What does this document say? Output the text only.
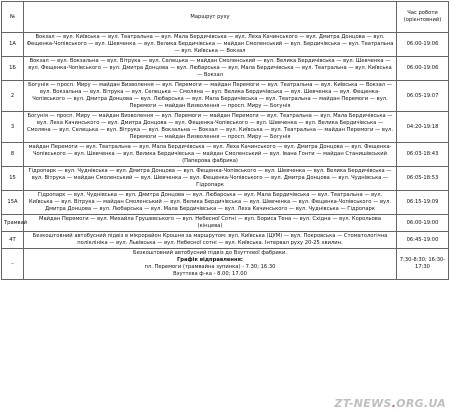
№	Маршрут руху	Час роботи (орієнтовний)
1А	Вокзал — вул. Київська — вул. Театральна — вул. Мала Бердичівська — вул. Леха Качинського — вул. Дмитра Донцова — вул. Фещенка-Чопівського — вул. Шевченка — вул. Велика Бердичівська — майдан Смоленський — вул. Бердичівська — вул. Театральна — вул. Київська — Вокзал	06:00-19:06
1Б	Вокзал — вул. Вокзальна — вул. Вітрука — вул. Селецька — майдан Смоленський — вул. Велика Бердичівська — вул. Шевченка — вул. Фещенка-Чопівського — вул. Дмитра Донцова — вул. Любарська — вул. Мала Бердичівська — вул. Театральна — вул. Київська — Вокзал	06:00-19:06
2	Богунія — просп. Миру — майдан Визволення — вул. Перемоги — майдан Перемоги — вул. Театральна — вул. Київська — Вокзал — вул. Вокзальна — вул. Вітрука — вул. Селецька — Смоляна — вул. Велика Бердичівська — вул. Шевченка — вул. Фещенка-Чопівського — вул. Дмитра Донцова — вул. Любарська — вул. Мала Бердичівська — вул. Театральна — майдан Перемоги — вул. Перемоги — майдан Визволення — просп. Миру — Богунія	06:05-19:07
3	Богунія — просп. Миру — майдан Визволення — вул. Перемоги — майдан Перемоги — вул. Театральна — вул. Мала Бердичівська — вул. Леха Качинського — вул. Дмитра Донцова — вул. Фещенка-Чопівського — вул. Шевченка — вул. Велика Бердичівська — Смоляна — вул. Селецька — вул. Вітрука — вул. Вокзальна — Вокзал — вул. Київська — вул. Театральна — майдан Перемоги — вул. Перемоги — майдан Визволення — просп. Миру — Богунія	04:20-19:18
8	майдан Перемоги — вул. Театральна — вул. Мала Бердичівська — вул. Леха Качинського — вул. Дмитра Донцова — вул. Фещенка-Чопівського — вул. Шевченка — вул. Велика Бердичівська — майдан Смоленський — вул. Івана Гонти — майдан Станишівський (Паперова фабрика)	06:03-18:43
15	Гідропарк — вул. Чуднівська — вул. Дмитра Донцова — вул. Фещенка-Чопівського — вул. Шевченка — вул. Велика Бердичівська — вул. Вітрука — майдан Смоленський — вул. Шевченка — вул. Фещенка-Чопівського — вул. Дмитра Донцова — вул. Чуднівська — Гідропарк	06:05-18:53
15А	Гідропарк — вул. Чуднівська — вул. Дмитра Донцова — вул. Любарська — вул. Мала Бердичівська — вул. Театральна — вул. Київська — вул. Вітрука — майдан Смоленський — вул. Велика Бердичівська — вул. Шевченка — вул. Фещенка-Чопівського — вул. Дмитра Донцова — вул. Любарська — вул. Мала Бердичівська — вул. Леха Качинського — вул. Чуднівська — Гідропарк	06:15-19:09
Трамвай	Майдан Перемоги — вул. Михайла Грушевського — вул. Небесної Сотні — вул. Бориса Тена — вул. Східна — вул. Корольова (кінцева)	06:00-19:00
4Т	Безкоштовний автобусний підвіз в мікрорайон Крошня за маршрутом: вул. Київська (ЦУМ) — вул. Покровська — Стоматологічна поліклініка — вул. Львівська — вул. Небесної сотні — вул. Київська. Інтервал руху 20-25 хвилин.	06:45-19:00
–	Безкоштовний автобусний підвіз до Взуттєвої фабрики.
Графік відправлення:
пл. Перемоги (трамвайна зупинка) - 7.30; 16.30
Взуттєва ф-ка - 8.00; 17.00	7:30-8:30; 16:30-17:30
ZT-NEWS.ORG.UA
